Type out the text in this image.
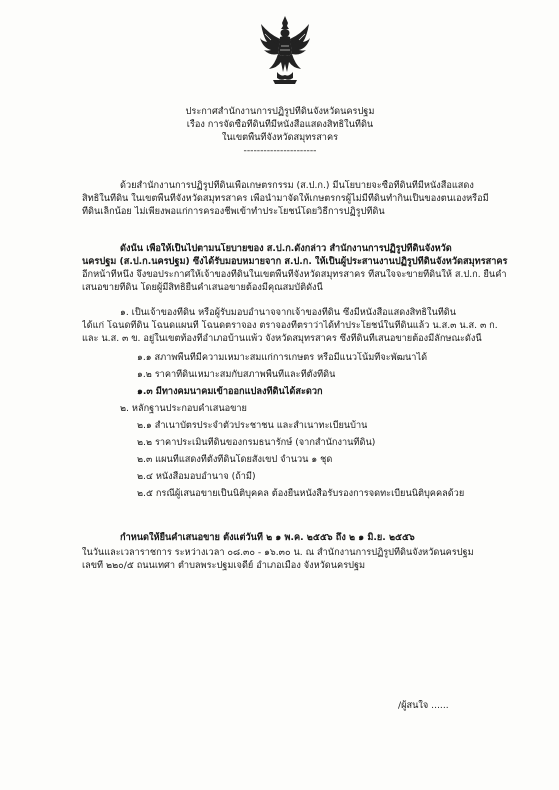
ประกาศสำนักงานการปฏิรูปที่ดินจังหวัดนครปฐม
เรื่อง การจัดซื้อที่ดินที่มีหนังสือแสดงสิทธิในที่ดิน
ในเขตพื้นที่จังหวัดสมุทรสาคร
----------------------
ด้วยสำนักงานการปฏิรูปที่ดินเพื่อเกษตรกรรม (ส.ป.ก.) มีนโยบายจะซื้อที่ดินที่มีหนังสือแสดง
สิทธิในที่ดิน ในเขตพื้นที่จังหวัดสมุทรสาคร เพื่อนำมาจัดให้เกษตรกรผู้ไม่มีที่ดินทำกินเป็นของตนเองหรือมี
ที่ดินเล็กน้อย ไม่เพียงพอแก่การครองชีพเข้าทำประโยชน์โดยวิธีการปฏิรูปที่ดิน
ดังนั้น เพื่อให้เป็นไปตามนโยบายของ ส.ป.ก.ดังกล่าว สำนักงานการปฏิรูปที่ดินจังหวัด
นครปฐม (ส.ป.ก.นครปฐม) ซึ่งได้รับมอบหมายจาก ส.ป.ก. ให้เป็นผู้ประสานงานปฏิรูปที่ดินจังหวัดสมุทรสาคร
อีกหน้าที่หนึ่ง จึงขอประกาศให้เจ้าของที่ดินในเขตพื้นที่จังหวัดสมุทรสาคร ที่สนใจจะขายที่ดินให้ ส.ป.ก. ยื่นคำ
เสนอขายที่ดิน โดยผู้มีสิทธิยื่นคำเสนอขายต้องมีคุณสมบัติดังนี้
๑. เป็นเจ้าของที่ดิน หรือผู้รับมอบอำนาจจากเจ้าของที่ดิน ซึ่งมีหนังสือแสดงสิทธิในที่ดิน
ได้แก่ โฉนดที่ดิน โฉนดแผนที่ โฉนดตราจอง ตราจองที่ตราว่าได้ทำประโยชน์ในที่ดินแล้ว น.ส.๓ น.ส. ๓ ก.
และ น.ส. ๓ ข. อยู่ในเขตท้องที่อำเภอบ้านแพ้ว จังหวัดสมุทรสาคร ซึ่งที่ดินที่เสนอขายต้องมีลักษณะดังนี้
๑.๑ สภาพพื้นที่มีความเหมาะสมแก่การเกษตร หรือมีแนวโน้มที่จะพัฒนาได้
๑.๒ ราคาที่ดินเหมาะสมกับสภาพพื้นที่และที่ตั้งที่ดิน
๑.๓ มีทางคมนาคมเข้าออกแปลงที่ดินได้สะดวก
๒. หลักฐานประกอบคำเสนอขาย
๒.๑ สำเนาบัตรประจำตัวประชาชน และสำเนาทะเบียนบ้าน
๒.๒ ราคาประเมินที่ดินของกรมธนารักษ์ (จากสำนักงานที่ดิน)
๒.๓ แผนที่แสดงที่ตั้งที่ดินโดยสังเขป จำนวน ๑ ชุด
๒.๔ หนังสือมอบอำนาจ (ถ้ามี)
๒.๕ กรณีผู้เสนอขายเป็นนิติบุคคล ต้องยื่นหนังสือรับรองการจดทะเบียนนิติบุคคลด้วย
กำหนดให้ยื่นคำเสนอขาย ตั้งแต่วันที่ ๒ ๑ พ.ค. ๒๕๕๖ ถึง ๒ ๑ มิ.ย. ๒๕๕๖
ในวันและเวลาราชการ ระหว่างเวลา ๐๘.๓๐ - ๑๖.๓๐ น. ณ สำนักงานการปฏิรูปที่ดินจังหวัดนครปฐม
เลขที่ ๒๒๐/๕ ถนนเทศา ตำบลพระปฐมเจดีย์ อำเภอเมือง จังหวัดนครปฐม
/ผู้สนใจ ......
